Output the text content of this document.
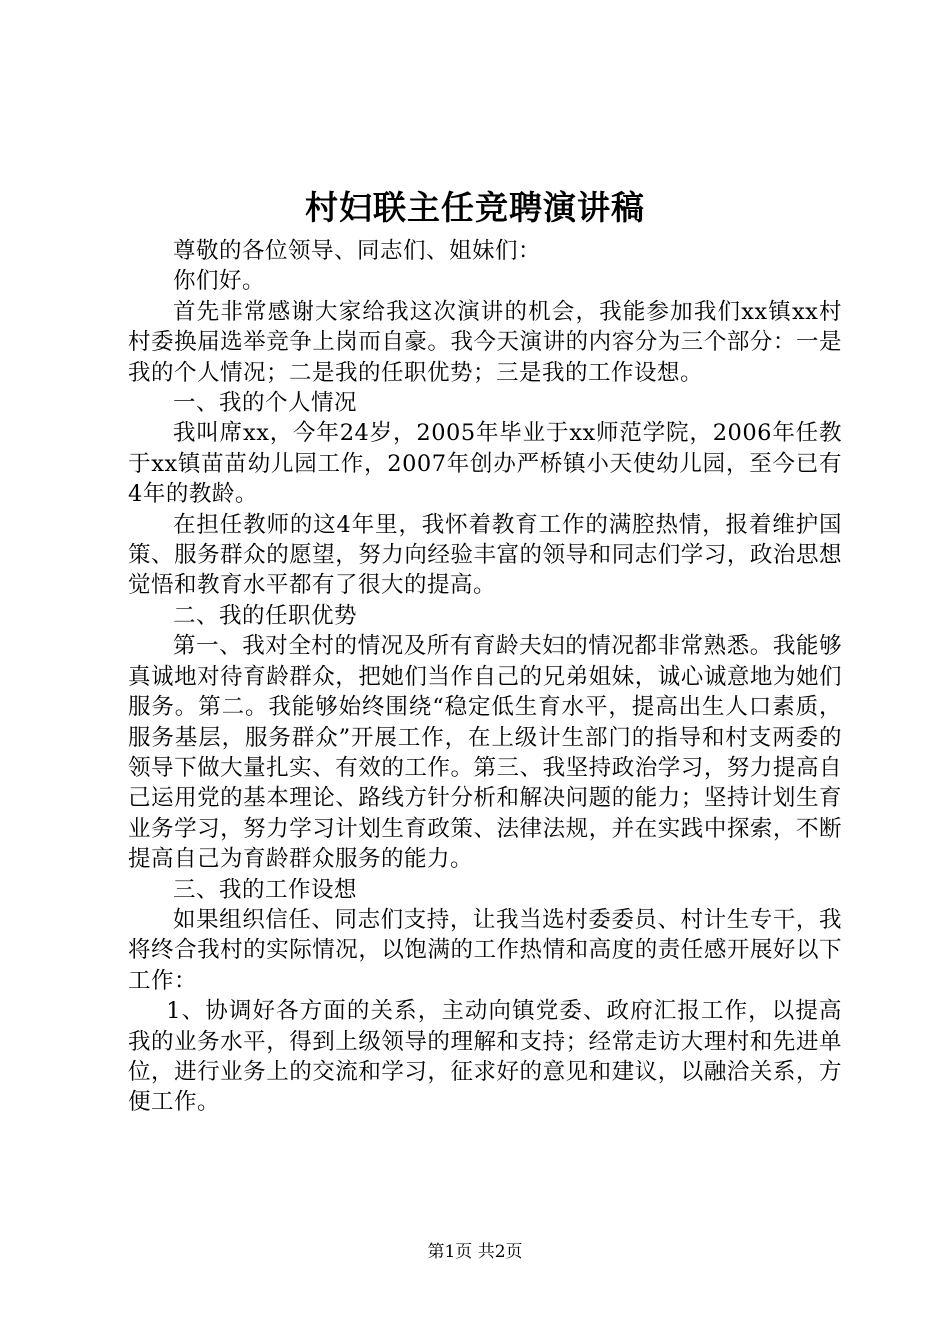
村妇联主任竞聘演讲稿

尊敬的各位领导、同志们、姐妹们：

你们好。

首先非常感谢大家给我这次演讲的机会，我能参加我们xx镇xx村村委换届选举竞争上岗而自豪。我今天演讲的内容分为三个部分：一是我的个人情况；二是我的任职优势；三是我的工作设想。

一、我的个人情况

我叫席xx，今年24岁，2005年毕业于xx师范学院，2006年任教于xx镇苗苗幼儿园工作，2007年创办严桥镇小天使幼儿园，至今已有4年的教龄。

在担任教师的这4年里，我怀着教育工作的满腔热情，报着维护国策、服务群众的愿望，努力向经验丰富的领导和同志们学习，政治思想觉悟和教育水平都有了很大的提高。

二、我的任职优势

第一、我对全村的情况及所有育龄夫妇的情况都非常熟悉。我能够真诚地对待育龄群众，把她们当作自己的兄弟姐妹，诚心诚意地为她们服务。第二。我能够始终围绕“稳定低生育水平，提高出生人口素质，服务基层，服务群众”开展工作，在上级计生部门的指导和村支两委的领导下做大量扎实、有效的工作。第三、我坚持政治学习，努力提高自己运用党的基本理论、路线方针分析和解决问题的能力；坚持计划生育业务学习，努力学习计划生育政策、法律法规，并在实践中探索，不断提高自己为育龄群众服务的能力。

三、我的工作设想

如果组织信任、同志们支持，让我当选村委委员、村计生专干，我将终合我村的实际情况，以饱满的工作热情和高度的责任感开展好以下工作：

1、协调好各方面的关系，主动向镇党委、政府汇报工作，以提高我的业务水平，得到上级领导的理解和支持；经常走访大理村和先进单位，进行业务上的交流和学习，征求好的意见和建议，以融洽关系，方便工作。

第1页 共2页
